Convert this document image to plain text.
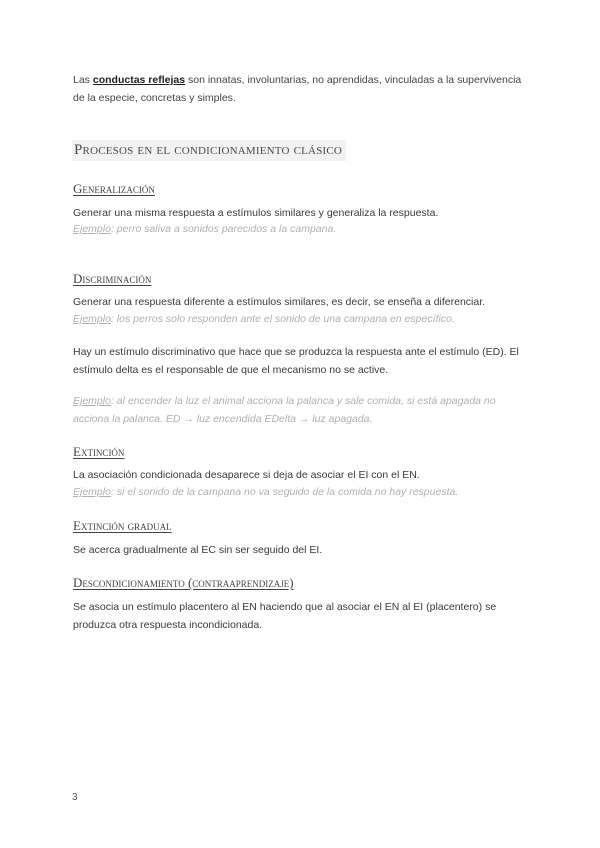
Las conductas reflejas son innatas, involuntarias, no aprendidas, vinculadas a la supervivencia de la especie, concretas y simples.

Procesos en el condicionamiento clásico
Generalización

Generar una misma respuesta a estímulos similares y generaliza la respuesta.

Ejemplo: perro saliva a sonidos parecidos a la campana.

Discriminación

Generar una respuesta diferente a estímulos similares, es decir, se enseña a diferenciar.

Ejemplo: los perros solo responden ante el sonido de una campana en específico.

Hay un estímulo discriminativo que hace que se produzca la respuesta ante el estímulo (ED). El estímulo delta es el responsable de que el mecanismo no se active.

Ejemplo: al encender la luz el animal acciona la palanca y sale comida, si está apagada no acciona la palanca. ED → luz encendida EDelta → luz apagada.

Extinción

La asociación condicionada desaparece si deja de asociar el EI con el EN.

Ejemplo: si el sonido de la campana no va seguido de la comida no hay respuesta.

Extinción gradual

Se acerca gradualmente al EC sin ser seguido del EI.

Descondicionamiento (contraaprendizaje)

Se asocia un estímulo placentero al EN haciendo que al asociar el EN al EI (placentero) se produzca otra respuesta incondicionada.

3
